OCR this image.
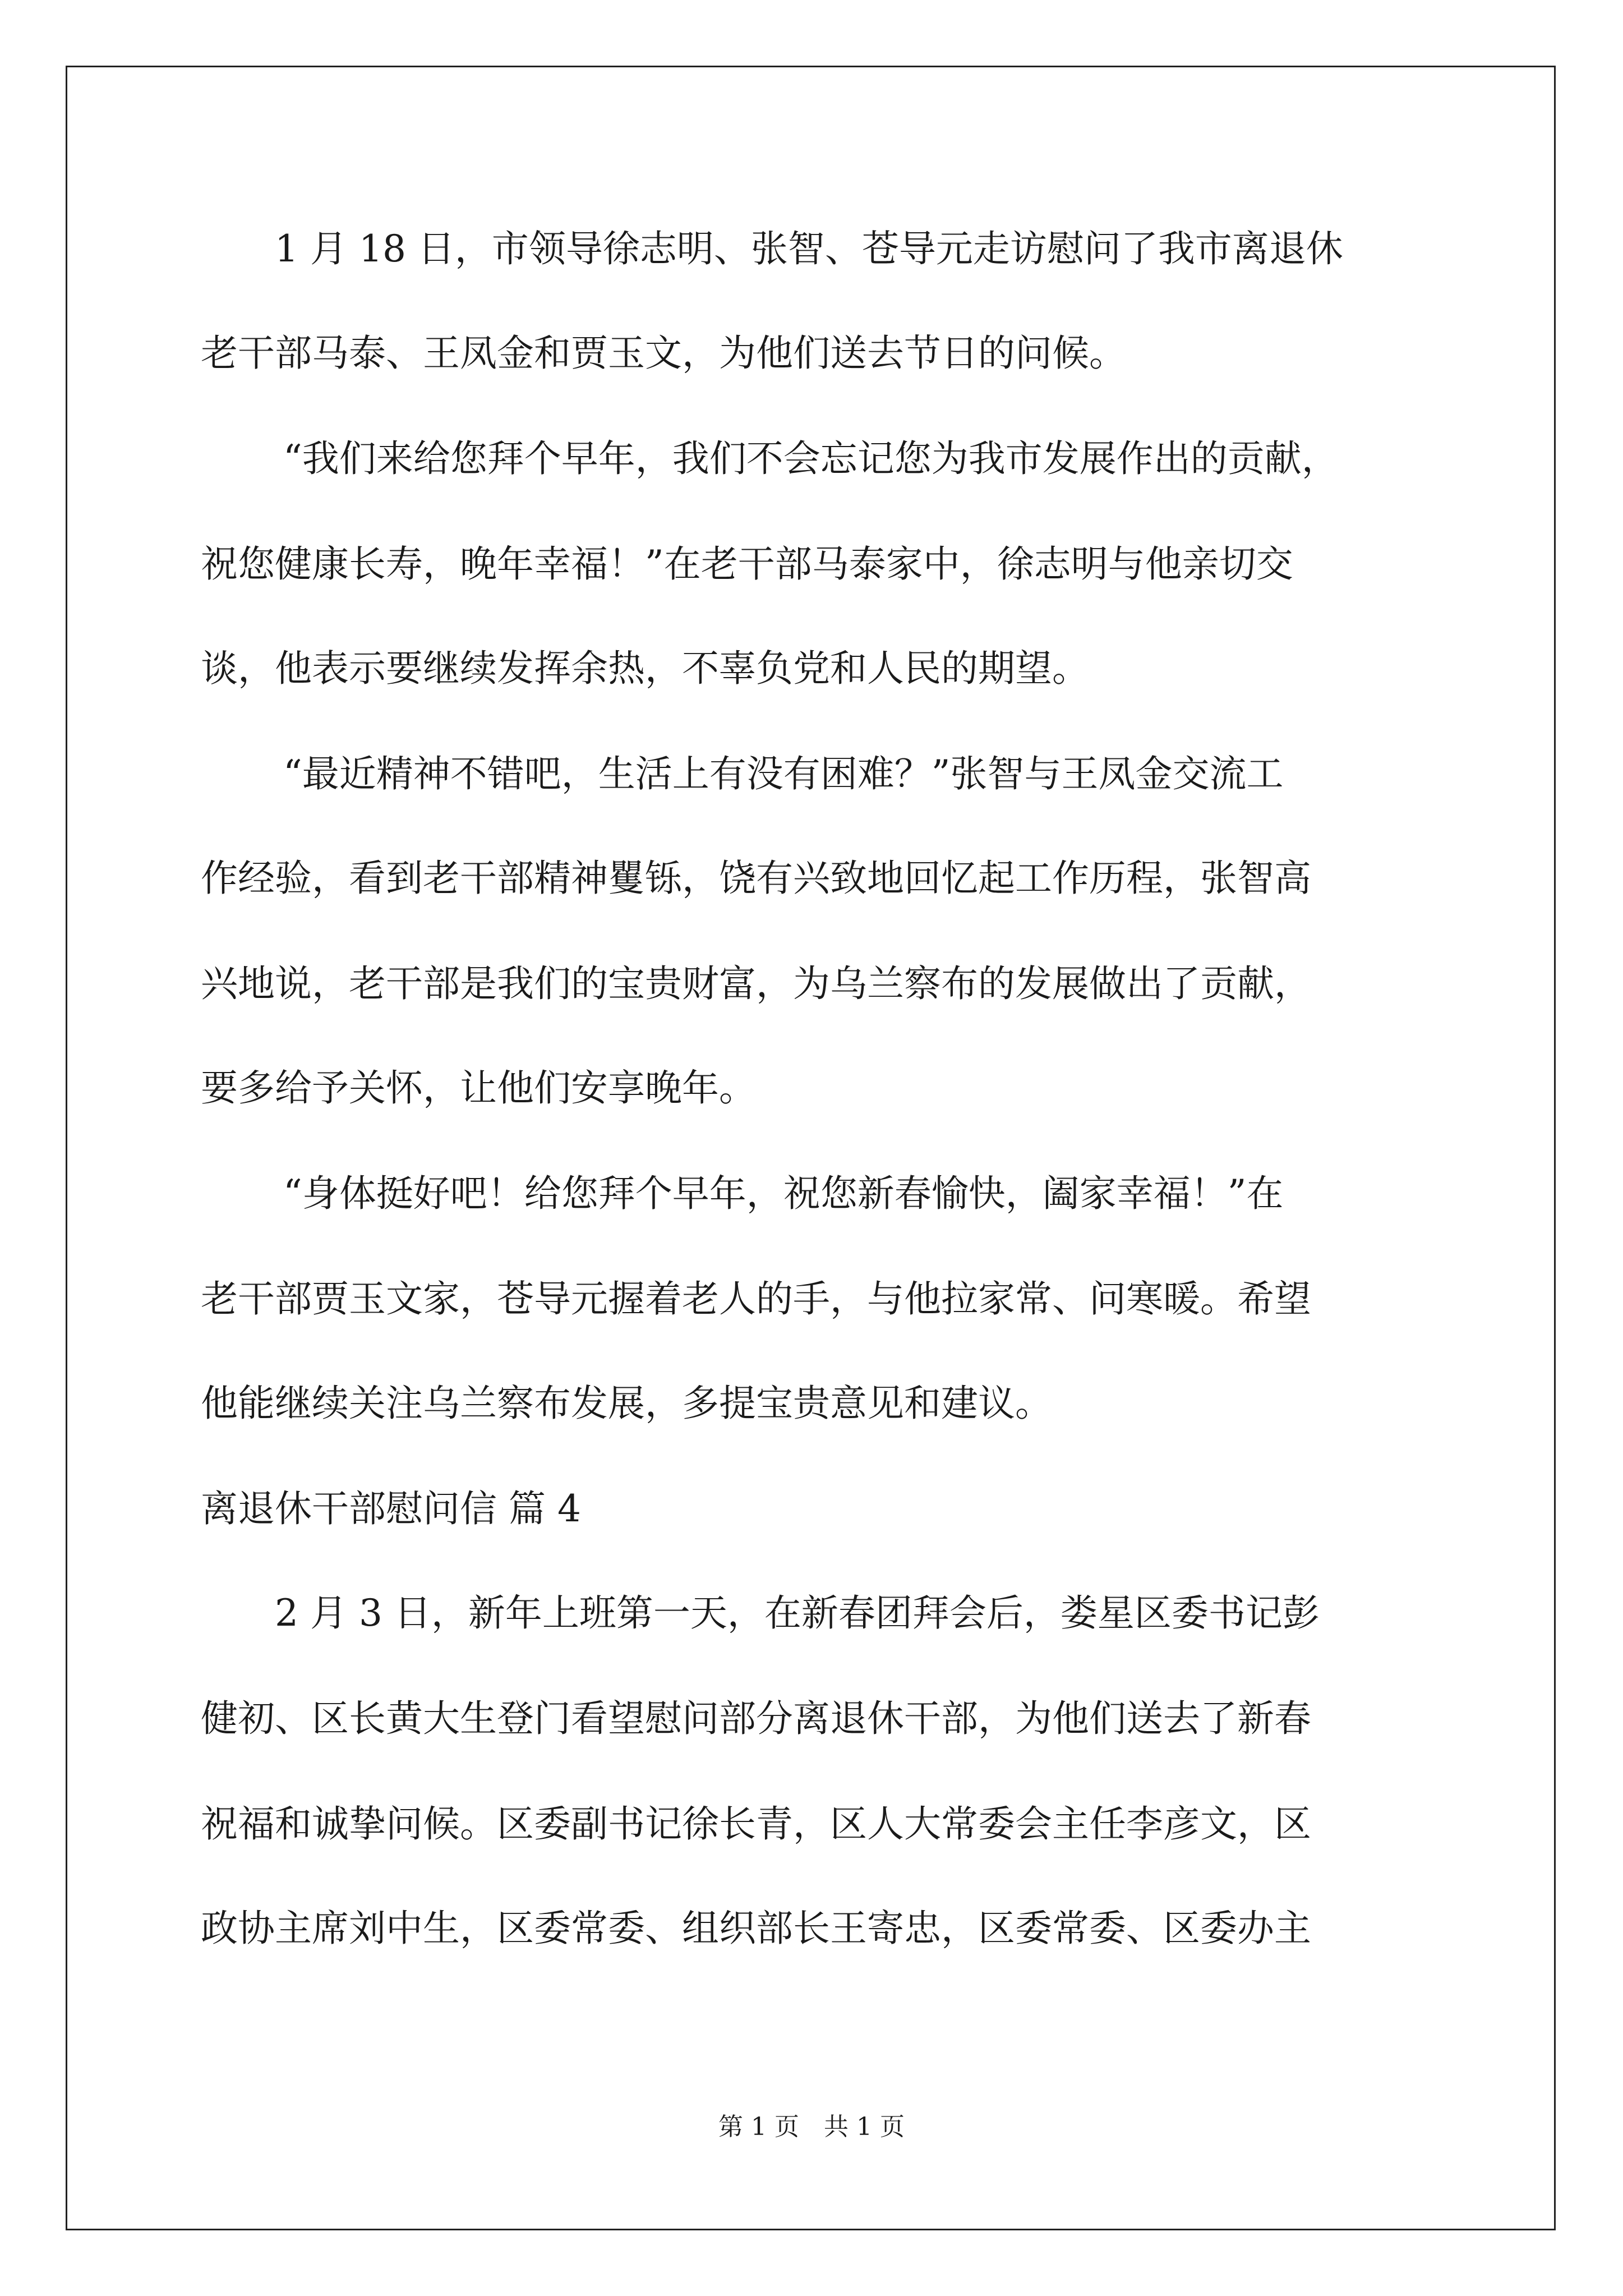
1 月 18 日，市领导徐志明、张智、苍导元走访慰问了我市离退休
老干部马泰、王凤金和贾玉文，为他们送去节日的问候。
“我们来给您拜个早年，我们不会忘记您为我市发展作出的贡献，
祝您健康长寿，晚年幸福！”在老干部马泰家中，徐志明与他亲切交
谈，他表示要继续发挥余热，不辜负党和人民的期望。
“最近精神不错吧，生活上有没有困难？”张智与王凤金交流工
作经验，看到老干部精神矍铄，饶有兴致地回忆起工作历程，张智高
兴地说，老干部是我们的宝贵财富，为乌兰察布的发展做出了贡献，
要多给予关怀，让他们安享晚年。
“身体挺好吧！给您拜个早年，祝您新春愉快，阖家幸福！”在
老干部贾玉文家，苍导元握着老人的手，与他拉家常、问寒暖。希望
他能继续关注乌兰察布发展，多提宝贵意见和建议。
离退休干部慰问信 篇 4
2 月 3 日，新年上班第一天，在新春团拜会后，娄星区委书记彭
健初、区长黄大生登门看望慰问部分离退休干部，为他们送去了新春
祝福和诚挚问候。区委副书记徐长青，区人大常委会主任李彦文，区
政协主席刘中生，区委常委、组织部长王寄忠，区委常委、区委办主
第 1 页　共 1 页
